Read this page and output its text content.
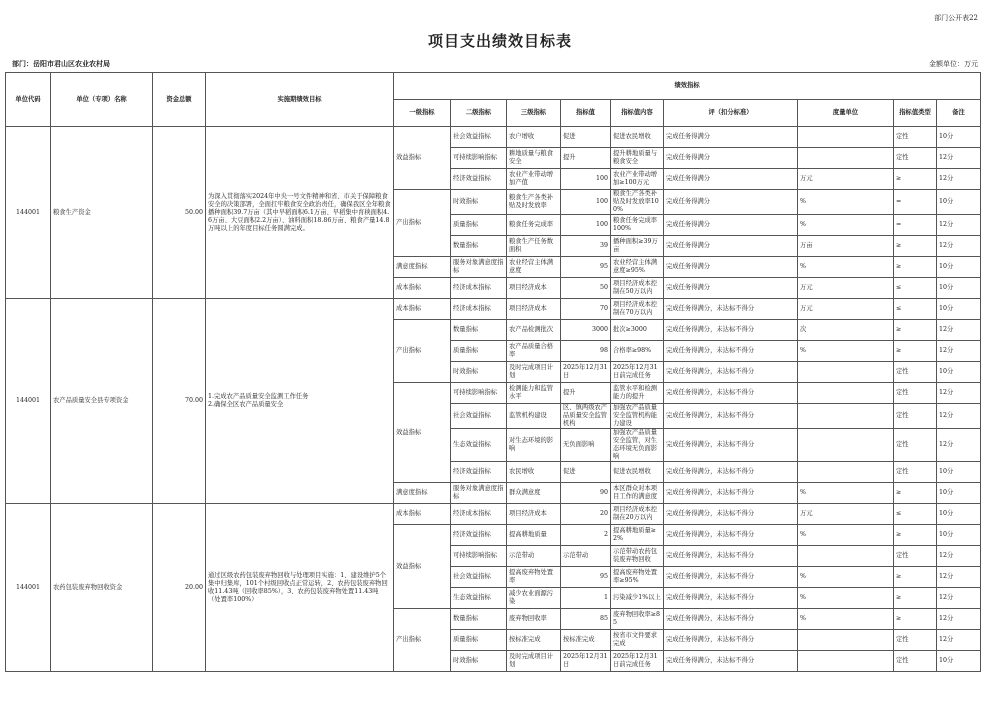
部门公开表22
项目支出绩效目标表
部门：岳阳市君山区农业农村局	金额单位：万元
单位代码	单位（专项）名称	资金总额	实施期绩效目标	绩效指标								
				一级指标	二级指标	三级指标	指标值	指标值内容	评（扣分标准）	度量单位	指标值类型	备注
144001	粮食生产资金	50.00	为深入贯彻落实2024年中央一号文件精神和省、市关于保障粮食安全的决策部署，全面扛牢粮食安全政治责任，确保我区全年粮食播种面积39.7万亩（其中早稻面积6.1万亩、早稻集中育秧面积4.6万亩、大豆面积2.2万亩）、油料面积18.86万亩、粮食产量14.8万吨以上的年度目标任务圆满完成。	效益指标	社会效益指标	农户增收	促进	促进农民增收	完成任务得满分		定性	10分
					可持续影响指标	耕地质量与粮食安全	提升	提升耕地质量与粮食安全	完成任务得满分		定性	12分
					经济效益指标	农业产业带动增加产值	100	农业产业带动增加≥100万元	完成任务得满分	万元	≥	12分
				产出指标	时效指标	粮食生产各类补贴及时发放率	100	粮食生产各类补贴及时发放率100%	完成任务得满分	%	=	10分
					质量指标	粮食任务完成率	100	粮食任务完成率100%	完成任务得满分	%	=	12分
					数量指标	粮食生产任务数面积	39	播种面积≥39万亩	完成任务得满分	万亩	≥	12分
				满意度指标	服务对象满意度指标	农业经营主体满意度	95	农业经营主体满意度≥95%	完成任务得满分	%	≥	10分
				成本指标	经济成本指标	项目经济成本	50	项目经济成本控制在50万以内	完成任务得满分	万元	≤	10分
144001	农产品质量安全县专项资金	70.00	1.完成农产品质量安全监测工作任务
2.确保全区农产品质量安全	成本指标	经济成本指标	项目经济成本	70	项目经济成本控制在70万以内	完成任务得满分，未达标不得分	万元	≤	10分
				产出指标	数量指标	农产品检测批次	3000	批次≥3000	完成任务得满分，未达标不得分	次	≥	12分
					质量指标	农产品质量合格率	98	合格率≥98%	完成任务得满分，未达标不得分	%	≥	12分
					时效指标	及时完成项目计划	2025年12月31日	2025年12月31日前完成任务	完成任务得满分，未达标不得分		定性	10分
				效益指标	可持续影响指标	检测能力和监管水平	提升	监管水平和检测能力的提升	完成任务得满分，未达标不得分		定性	12分
					社会效益指标	监管机构建设	区、镇两级农产品质量安全监管机构	加强农产品质量安全监管机构能力建设	完成任务得满分，未达标不得分		定性	12分
					生态效益指标	对生态环境的影响	无负面影响	加强农产品质量安全监管，对生态环境无负面影响	完成任务得满分，未达标不得分		定性	12分
					经济效益指标	农民增收	促进	促进农民增收	完成任务得满分，未达标不得分		定性	10分
				满意度指标	服务对象满意度指标	群众满意度	90	本区群众对本项目工作的满意度	完成任务得满分，未达标不得分	%	≥	10分
144001	农药包装废弃物回收资金	20.00	通过区级农药包装废弃物回收与处理项目实施：1、建设维护5个集中归集库，101个村级回收点正常运转，2、农药包装废弃物回收11.43吨（回收率85%），3、农药包装废弃物处置11.43吨（处置率100%）	成本指标	经济成本指标	项目经济成本	20	项目经济成本控制在20万以内	完成任务得满分，未达标不得分	万元	≤	10分
				效益指标	经济效益指标	提高耕地质量	2	提高耕地质量≥2%	完成任务得满分，未达标不得分	%	≥	10分
					可持续影响指标	示范带动	示范带动	示范带动农药包装废弃物回收	完成任务得满分，未达标不得分		定性	12分
					社会效益指标	提高废弃物处置率	95	提高废弃物处置率≥95%	完成任务得满分，未达标不得分	%	≥	12分
					生态效益指标	减少农业面源污染	1	污染减少1%以上	完成任务得满分，未达标不得分	%	≥	12分
				产出指标	数量指标	废弃物回收率	85	废弃物回收率≥85	完成任务得满分，未达标不得分	%	≥	12分
					质量指标	按标准完成	按标准完成	按省市文件要求完成	完成任务得满分，未达标不得分		定性	12分
					时效指标	及时完成项目计划	2025年12月31日	2025年12月31日前完成任务	完成任务得满分，未达标不得分		定性	10分
